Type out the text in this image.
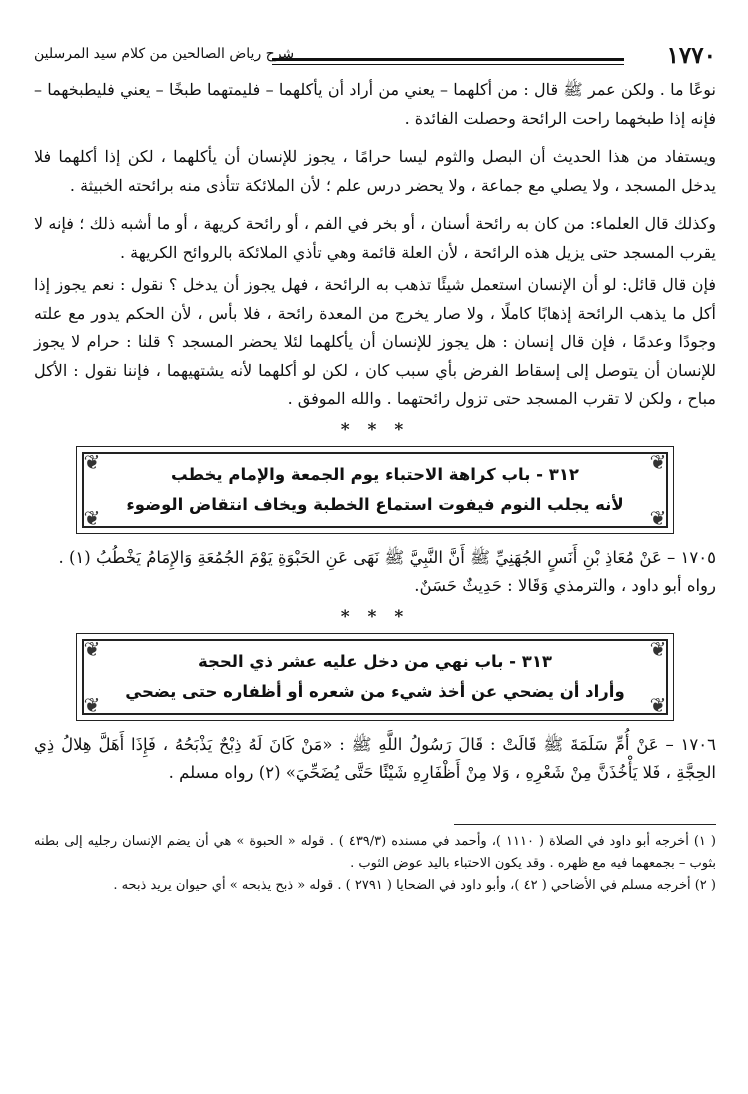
١٧٧٠
شرح رياض الصالحين من كلام سيد المرسلين

نوعًا ما . ولكن عمر ﷺ قال : من أكلهما – يعني من أراد أن يأكلهما – فليمتهما طبخًا – يعني فليطبخهما – فإنه إذا طبخهما راحت الرائحة وحصلت الفائدة .

ويستفاد من هذا الحديث أن البصل والثوم ليسا حرامًا ، يجوز للإنسان أن يأكلهما ، لكن إذا أكلهما فلا يدخل المسجد ، ولا يصلي مع جماعة ، ولا يحضر درس علم ؛ لأن الملائكة تتأذى منه برائحته الخبيثة .

وكذلك قال العلماء: من كان به رائحة أسنان ، أو بخر في الفم ، أو رائحة كريهة ، أو ما أشبه ذلك ؛ فإنه لا يقرب المسجد حتى يزيل هذه الرائحة ، لأن العلة قائمة وهي تأذي الملائكة بالروائح الكريهة .

فإن قال قائل: لو أن الإنسان استعمل شيئًا تذهب به الرائحة ، فهل يجوز أن يدخل ؟ نقول : نعم يجوز إذا أكل ما يذهب الرائحة إذهابًا كاملًا ، ولا صار يخرج من المعدة رائحة ، فلا بأس ، لأن الحكم يدور مع علته وجودًا وعدمًا ، فإن قال إنسان : هل يجوز للإنسان أن يأكلهما لئلا يحضر المسجد ؟ قلنا : حرام لا يجوز للإنسان أن يتوصل إلى إسقاط الفرض بأي سبب كان ، لكن لو أكلهما لأنه يشتهيهما ، فإننا نقول : الأكل مباح ، ولكن لا تقرب المسجد حتى تزول رائحتهما . والله الموفق .

* * *
❦
❦
❦
❦
٣١٢ - باب كراهة الاحتباء يوم الجمعة والإمام يخطب
لأنه يجلب النوم فيفوت استماع الخطبة ويخاف انتقاض الوضوء

١٧٠٥ – عَنْ مُعَاذِ بْنِ أَنَسٍ الجُهَنِيِّ ﷺ أَنَّ النَّبِيَّ ﷺ نَهَى عَنِ الحَبْوَةِ يَوْمَ الجُمُعَةِ وَالإِمَامُ يَخْطُبُ (١) .

رواه أبو داود ، والترمذي وَقَالا : حَدِيثٌ حَسَنٌ.

* * *
❦
❦
❦
❦
٣١٣ - باب نهي من دخل عليه عشر ذي الحجة
وأراد أن يضحي عن أخذ شيء من شعره أو أظفاره حتى يضحي

١٧٠٦ – عَنْ أُمِّ سَلَمَةَ ﷺ قَالَتْ : قَالَ رَسُولُ اللَّهِ ﷺ : «مَنْ كَانَ لَهُ ذِبْحٌ يَذْبَحُهُ ، فَإِذَا أَهَلَّ هِلالُ ذِي الحِجَّةِ ، فَلا يَأْخُذَنَّ مِنْ شَعْرِهِ ، وَلا مِنْ أَظْفَارِهِ شَيْئًا حَتَّى يُضَحِّيَ» (٢) رواه مسلم .

( ١) أخرجه أبو داود في الصلاة ( ١١١٠ )، وأحمد في مسنده (٤٣٩/٣ ) . قوله « الحبوة » هي أن يضم الإنسان رجليه إلى بطنه بثوب – بجمعهما فيه مع ظهره . وقد يكون الاحتباء باليد عوض الثوب .

( ٢) أخرجه مسلم في الأضاحي ( ٤٢ )، وأبو داود في الضحايا ( ٢٧٩١ ) . قوله « ذبح يذبحه » أي حيوان يريد ذبحه .
